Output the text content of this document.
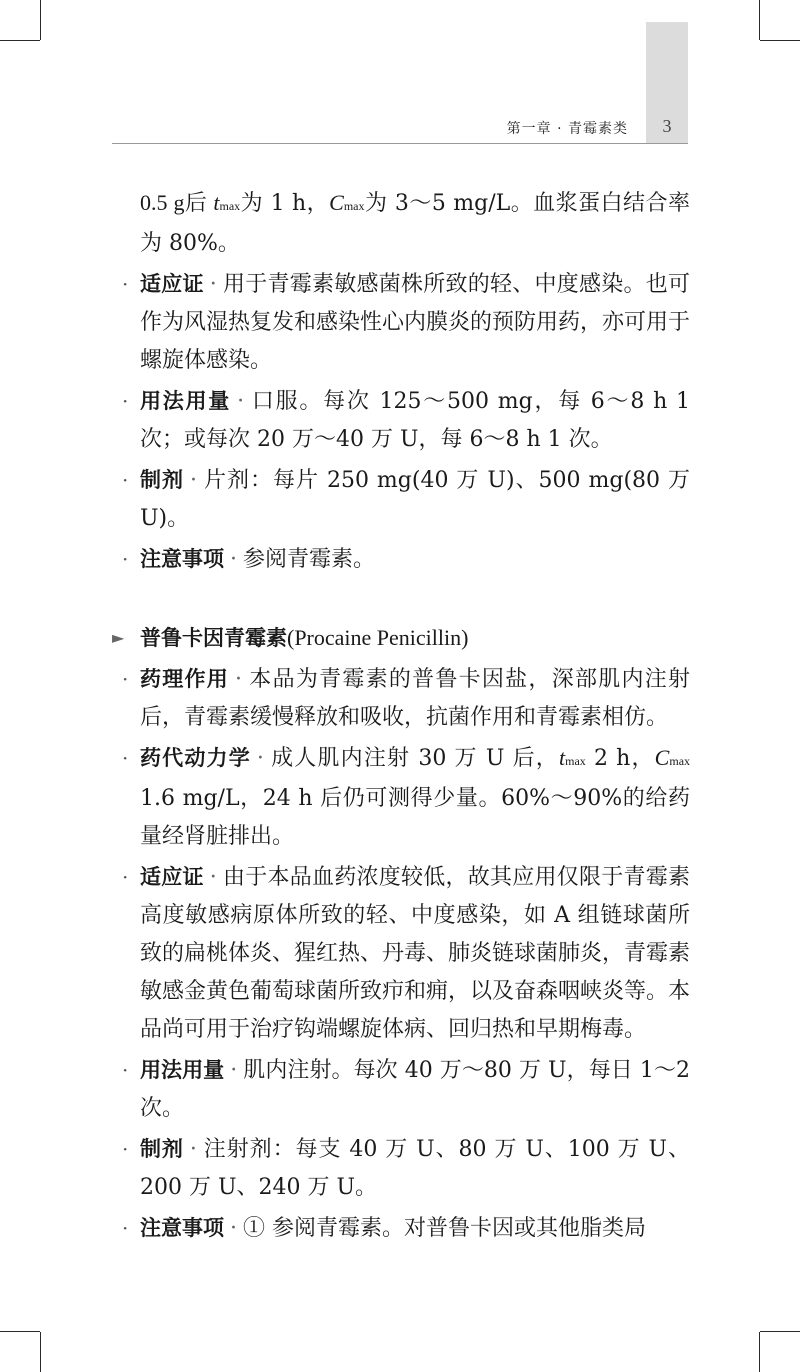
第一章 · 青霉素类	3

0.5 g后 tmax为 1 h，Cmax为 3～5 mg/L。血浆蛋白结合率为 80%。

· 适应证 · 用于青霉素敏感菌株所致的轻、中度感染。也可作为风湿热复发和感染性心内膜炎的预防用药，亦可用于螺旋体感染。

· 用法用量 · 口服。每次 125～500 mg，每 6～8 h 1 次；或每次 20 万～40 万 U，每 6～8 h 1 次。

· 制剂 · 片剂：每片 250 mg(40 万 U)、500 mg(80 万 U)。

· 注意事项 · 参阅青霉素。

► 普鲁卡因青霉素(Procaine Penicillin)

· 药理作用 · 本品为青霉素的普鲁卡因盐，深部肌内注射后，青霉素缓慢释放和吸收，抗菌作用和青霉素相仿。

· 药代动力学 · 成人肌内注射 30 万 U 后，tmax 2 h，Cmax 1.6 mg/L，24 h 后仍可测得少量。60%～90%的给药量经肾脏排出。

· 适应证 · 由于本品血药浓度较低，故其应用仅限于青霉素高度敏感病原体所致的轻、中度感染，如 A 组链球菌所致的扁桃体炎、猩红热、丹毒、肺炎链球菌肺炎，青霉素敏感金黄色葡萄球菌所致疖和痈，以及奋森咽峡炎等。本品尚可用于治疗钩端螺旋体病、回归热和早期梅毒。

· 用法用量 · 肌内注射。每次 40 万～80 万 U，每日 1～2 次。

· 制剂 · 注射剂：每支 40 万 U、80 万 U、100 万 U、200 万 U、240 万 U。

· 注意事项 · ① 参阅青霉素。对普鲁卡因或其他脂类局
